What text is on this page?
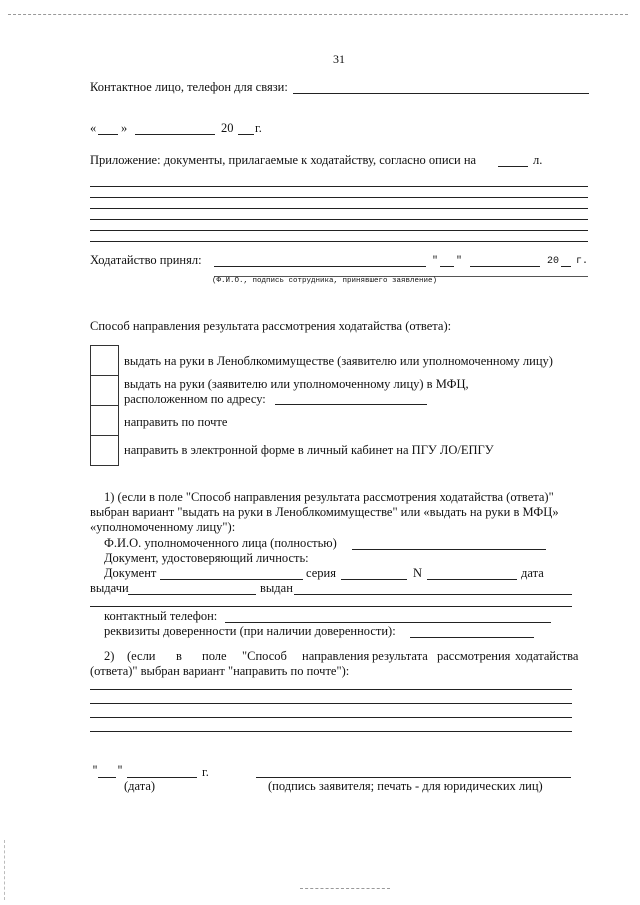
31
Контактное лицо, телефон для связи:
« »	20 г.
Приложение: документы, прилагаемые к ходатайству, согласно описи на	л.
Ходатайство принял:	" "	20 г.
(Ф.И.О., подпись сотрудника, принявшего заявление)
Способ направления результата рассмотрения ходатайства (ответа):
выдать на руки в Леноблкомимуществе (заявителю или уполномоченному лицу)
выдать на руки (заявителю или уполномоченному лицу) в МФЦ,
расположенном по адресу:
направить по почте
направить в электронной форме в личный кабинет на ПГУ ЛО/ЕПГУ
1) (если в поле "Способ направления результата рассмотрения ходатайства (ответа)"
выбран вариант "выдать на руки в Леноблкомимуществе" или «выдать на руки в МФЦ»
«уполномоченному лицу"):
Ф.И.О. уполномоченного лица (полностью)
Документ, удостоверяющий личность:
Документ	серия	N	дата
выдачи	выдан
контактный телефон:
реквизиты доверенности (при наличии доверенности):
2) (если в поле "Способ направления результата рассмотрения ходатайства
(ответа)" выбран вариант "направить по почте"):
" "	г.
(дата)	(подпись заявителя; печать - для юридических лиц)
